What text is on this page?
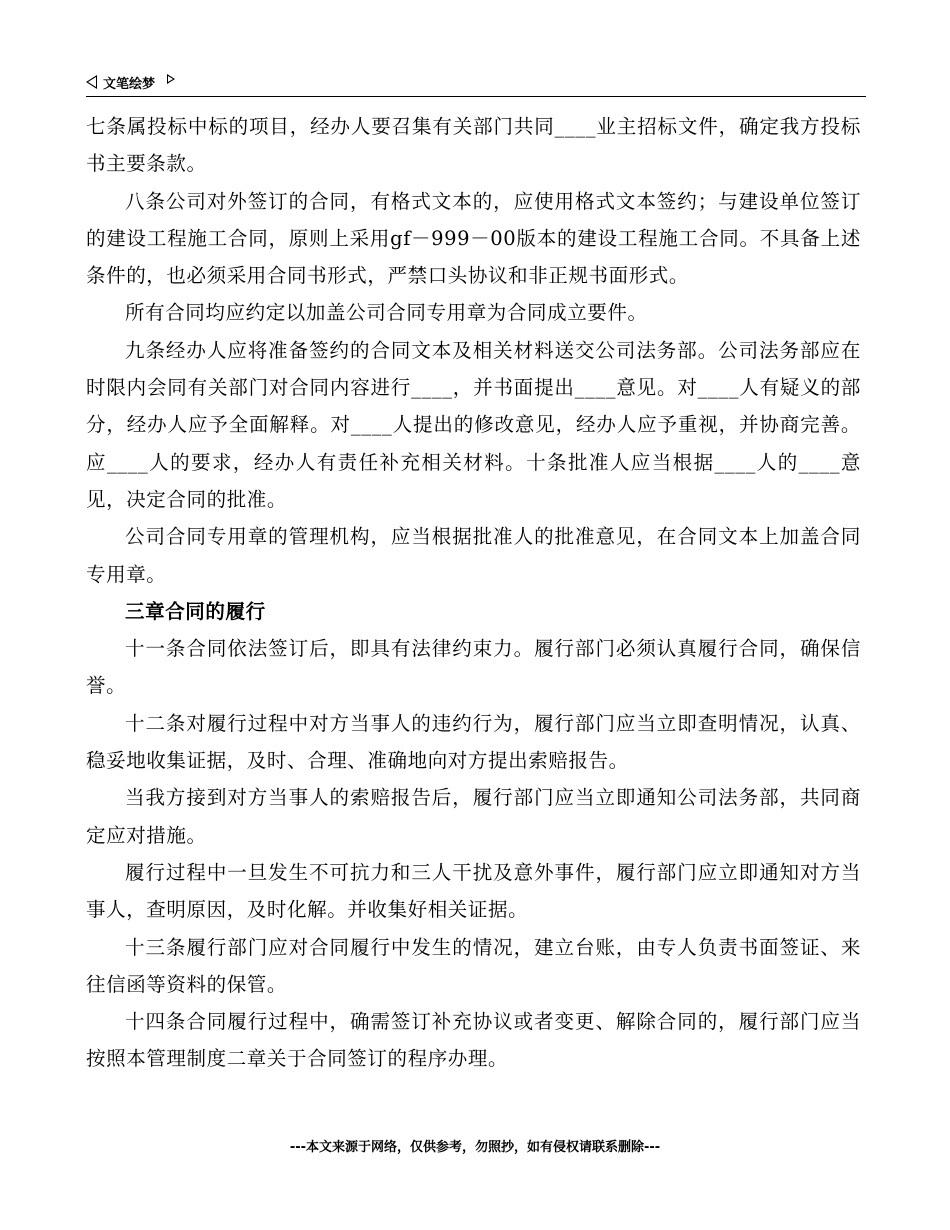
文笔绘梦

七条属投标中标的项目，经办人要召集有关部门共同____业主招标文件，确定我方投标书主要条款。

八条公司对外签订的合同，有格式文本的，应使用格式文本签约；与建设单位签订的建设工程施工合同，原则上采用gf－999－00版本的建设工程施工合同。不具备上述条件的，也必须采用合同书形式，严禁口头协议和非正规书面形式。

所有合同均应约定以加盖公司合同专用章为合同成立要件。

九条经办人应将准备签约的合同文本及相关材料送交公司法务部。公司法务部应在时限内会同有关部门对合同内容进行____，并书面提出____意见。对____人有疑义的部分，经办人应予全面解释。对____人提出的修改意见，经办人应予重视，并协商完善。应____人的要求，经办人有责任补充相关材料。十条批准人应当根据____人的____意见，决定合同的批准。

公司合同专用章的管理机构，应当根据批准人的批准意见，在合同文本上加盖合同专用章。

三章合同的履行

十一条合同依法签订后，即具有法律约束力。履行部门必须认真履行合同，确保信誉。

十二条对履行过程中对方当事人的违约行为，履行部门应当立即查明情况，认真、稳妥地收集证据，及时、合理、准确地向对方提出索赔报告。

当我方接到对方当事人的索赔报告后，履行部门应当立即通知公司法务部，共同商定应对措施。

履行过程中一旦发生不可抗力和三人干扰及意外事件，履行部门应立即通知对方当事人，查明原因，及时化解。并收集好相关证据。

十三条履行部门应对合同履行中发生的情况，建立台账，由专人负责书面签证、来往信函等资料的保管。

十四条合同履行过程中，确需签订补充协议或者变更、解除合同的，履行部门应当按照本管理制度二章关于合同签订的程序办理。

---本文来源于网络，仅供参考，勿照抄，如有侵权请联系删除---
